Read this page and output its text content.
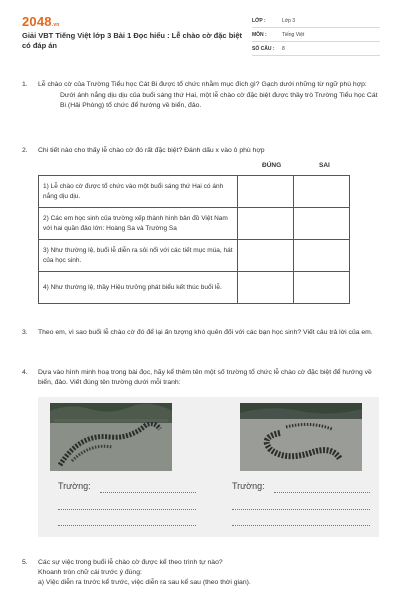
2048.vn
Giải VBT Tiếng Việt lớp 3 Bài 1 Đọc hiểu : Lễ chào cờ đặc biệt có đáp án
LỚP :	Lớp 3
MÔN :	Tiếng Việt
SỐ CÂU :	8
1. Lễ chào cờ của Trường Tiểu học Cát Bi được tổ chức nhằm mục đích gì? Gạch dưới những từ ngữ phù hợp:
Dưới ánh nắng dịu dịu của buổi sáng thứ Hai, một lễ chào cờ đặc biệt được thầy trò Trường Tiểu học Cát Bi (Hải Phòng) tổ chức để hướng về biển, đảo.
2. Chi tiết nào cho thấy lễ chào cờ đó rất đặc biệt? Đánh dấu x vào ô phù hợp
ĐÚNG	SAI
1) Lễ chào cờ được tổ chức vào một buổi sáng thứ Hai có ánh nắng dịu dịu.		
2) Các em học sinh của trường xếp thành hình bản đồ Việt Nam với hai quần đảo lớn: Hoàng Sa và Trường Sa		
3) Như thường lệ, buổi lễ diễn ra sôi nổi với các tiết mục múa, hát của học sinh.		
4) Như thường lệ, thầy Hiệu trưởng phát biểu kết thúc buổi lễ.		
3. Theo em, vì sao buổi lễ chào cờ đó để lại ấn tượng khó quên đối với các bạn học sinh? Viết câu trả lời của em.
4. Dựa vào hình minh hoạ trong bài đọc, hãy kể thêm tên một số trường tổ chức lễ chào cờ đặc biệt để hướng về biển, đảo. Viết đúng tên trường dưới mỗi tranh:
Trường:	Trường:
5. Các sự việc trong buổi lễ chào cờ được kể theo trình tự nào?
Khoanh tròn chữ cái trước ý đúng:
a) Việc diễn ra trước kể trước, việc diễn ra sau kể sau (theo thời gian).
